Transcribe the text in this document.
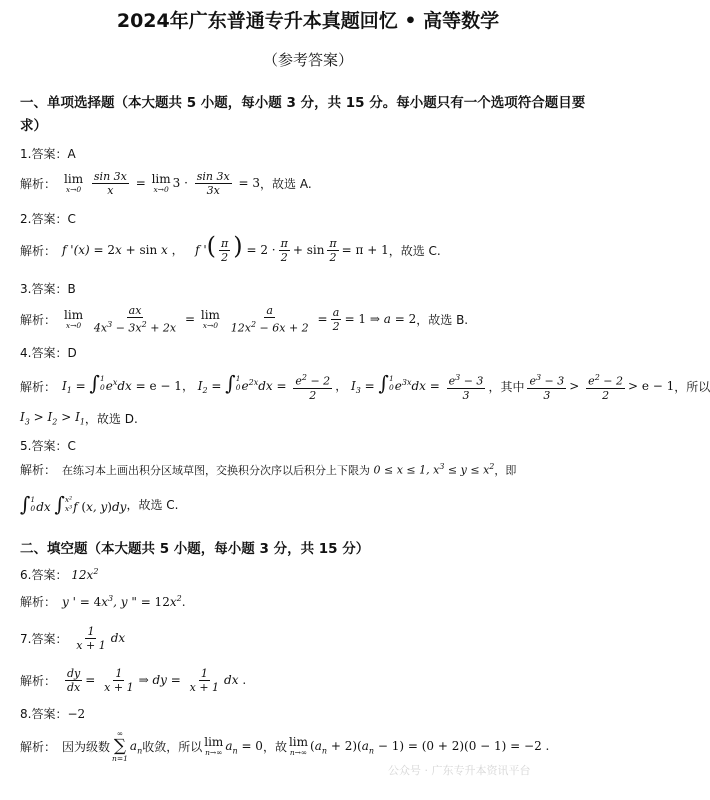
2024年广东普通专升本真题回忆 • 高等数学
（参考答案）
一、单项选择题（本大题共 5 小题，每小题 3 分，共 15 分。每小题只有一个选项符合题目要
求）
1.答案：A
解析： lim
x→0
$\frac{\sin 3x}{x} = \lim$
x→0 $3 \cdot \frac{\sin 3x}{3x} = 3$ ，故选 A.
2.答案：C
解析： f '(x) = 2x + sin x ，   f '( $\frac{\pi}{2}$ ) = $2 \cdot \frac{\pi}{2} + \sin \frac{\pi}{2} = \pi + 1$ ，故选 C.
3.答案：B
解析： lim
x→0
$\frac{ax}{4x^3 - 3x^2 + 2x} = \lim$
x→0
$\frac{a}{12x^2 - 6x + 2} = \frac{a}{2} = 1$ ⇒ a = 2 ，故选 B.
4.答案：D
解析： $I_1$ = ∫ 1
0 $e^xdx = e - 1$， $I_2$ = ∫ 1
0 $e^{2x}dx = \frac{e^2 - 2}{2}$ ， $I_3$ = ∫ 1
0 $e^{3x}dx = \frac{e^3 - 3}{3}$ ，其中 $\frac{e^3 - 3}{3} > \frac{e^2 - 2}{2} > e - 1$ ，所以
$I_3 > I_2 > I_1$ ，故选 D.
5.答案：C
解析： 在练习本上画出积分区域草图，交换积分次序以后积分上下限为 0 ≤ x ≤ 1, $x^3 \le y \le x^2$ ，即
∫ 1
0 dx ∫ x²
x³ f (x, y)dy ，故选 C.
二、填空题（本大题共 5 小题，每小题 3 分，共 15 分）
6.答案： $12x^2$
解析： y ' = $4x^3$, y " = $12x^2$.
7.答案：
$\frac{1}{x + 1}$ dx
解析： $\frac{dy}{dx} = \frac{1}{x + 1}$ ⇒ dy = $\frac{1}{x + 1}$ dx .
8.答案： −2
解析： 因为级数
∞
∑
n=1
$a_n$ 收敛，所以 lim
n→∞ $a_n = 0$ ，故 lim
n→∞ $(a_n + 2)(a_n - 1) = (0 + 2)(0 - 1) = -2$ .
公众号 · 广东专升本资讯平台
